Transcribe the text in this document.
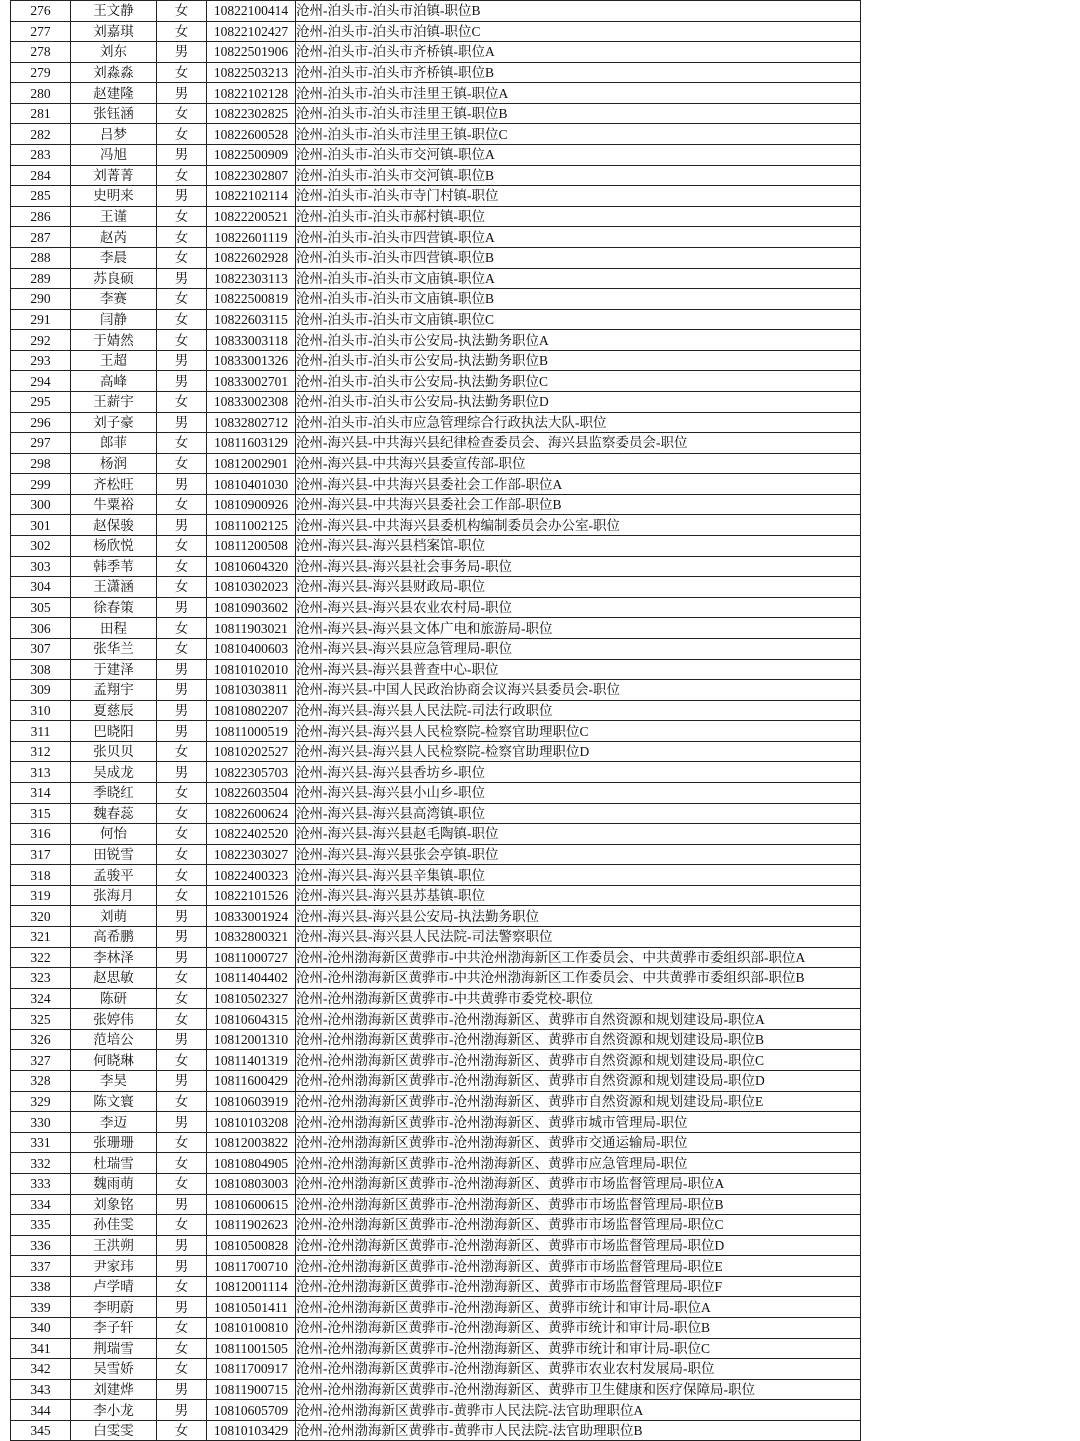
276	王文静	女	10822100414	沧州-泊头市-泊头市泊镇-职位B
277	刘嘉琪	女	10822102427	沧州-泊头市-泊头市泊镇-职位C
278	刘东	男	10822501906	沧州-泊头市-泊头市齐桥镇-职位A
279	刘淼淼	女	10822503213	沧州-泊头市-泊头市齐桥镇-职位B
280	赵建隆	男	10822102128	沧州-泊头市-泊头市洼里王镇-职位A
281	张钰涵	女	10822302825	沧州-泊头市-泊头市洼里王镇-职位B
282	吕梦	女	10822600528	沧州-泊头市-泊头市洼里王镇-职位C
283	冯旭	男	10822500909	沧州-泊头市-泊头市交河镇-职位A
284	刘菁菁	女	10822302807	沧州-泊头市-泊头市交河镇-职位B
285	史明来	男	10822102114	沧州-泊头市-泊头市寺门村镇-职位
286	王谨	女	10822200521	沧州-泊头市-泊头市郝村镇-职位
287	赵芮	女	10822601119	沧州-泊头市-泊头市四营镇-职位A
288	李晨	女	10822602928	沧州-泊头市-泊头市四营镇-职位B
289	苏良硕	男	10822303113	沧州-泊头市-泊头市文庙镇-职位A
290	李赛	女	10822500819	沧州-泊头市-泊头市文庙镇-职位B
291	闫静	女	10822603115	沧州-泊头市-泊头市文庙镇-职位C
292	于婧然	女	10833003118	沧州-泊头市-泊头市公安局-执法勤务职位A
293	王超	男	10833001326	沧州-泊头市-泊头市公安局-执法勤务职位B
294	高峰	男	10833002701	沧州-泊头市-泊头市公安局-执法勤务职位C
295	王薪宇	女	10833002308	沧州-泊头市-泊头市公安局-执法勤务职位D
296	刘子豪	男	10832802712	沧州-泊头市-泊头市应急管理综合行政执法大队-职位
297	郎菲	女	10811603129	沧州-海兴县-中共海兴县纪律检查委员会、海兴县监察委员会-职位
298	杨润	女	10812002901	沧州-海兴县-中共海兴县委宣传部-职位
299	齐松旺	男	10810401030	沧州-海兴县-中共海兴县委社会工作部-职位A
300	牛粟裕	女	10810900926	沧州-海兴县-中共海兴县委社会工作部-职位B
301	赵保骏	男	10811002125	沧州-海兴县-中共海兴县委机构编制委员会办公室-职位
302	杨欣悦	女	10811200508	沧州-海兴县-海兴县档案馆-职位
303	韩季苇	女	10810604320	沧州-海兴县-海兴县社会事务局-职位
304	王潇涵	女	10810302023	沧州-海兴县-海兴县财政局-职位
305	徐春策	男	10810903602	沧州-海兴县-海兴县农业农村局-职位
306	田程	女	10811903021	沧州-海兴县-海兴县文体广电和旅游局-职位
307	张华兰	女	10810400603	沧州-海兴县-海兴县应急管理局-职位
308	于建泽	男	10810102010	沧州-海兴县-海兴县普查中心-职位
309	孟翔宇	男	10810303811	沧州-海兴县-中国人民政治协商会议海兴县委员会-职位
310	夏慈辰	男	10810802207	沧州-海兴县-海兴县人民法院-司法行政职位
311	巴晓阳	男	10811000519	沧州-海兴县-海兴县人民检察院-检察官助理职位C
312	张贝贝	女	10810202527	沧州-海兴县-海兴县人民检察院-检察官助理职位D
313	吴成龙	男	10822305703	沧州-海兴县-海兴县香坊乡-职位
314	季晓红	女	10822603504	沧州-海兴县-海兴县小山乡-职位
315	魏春蕊	女	10822600624	沧州-海兴县-海兴县高湾镇-职位
316	何怡	女	10822402520	沧州-海兴县-海兴县赵毛陶镇-职位
317	田锐雪	女	10822303027	沧州-海兴县-海兴县张会亭镇-职位
318	孟骏平	女	10822400323	沧州-海兴县-海兴县辛集镇-职位
319	张海月	女	10822101526	沧州-海兴县-海兴县苏基镇-职位
320	刘萌	男	10833001924	沧州-海兴县-海兴县公安局-执法勤务职位
321	高希鹏	男	10832800321	沧州-海兴县-海兴县人民法院-司法警察职位
322	李林泽	男	10811000727	沧州-沧州渤海新区黄骅市-中共沧州渤海新区工作委员会、中共黄骅市委组织部-职位A
323	赵思敏	女	10811404402	沧州-沧州渤海新区黄骅市-中共沧州渤海新区工作委员会、中共黄骅市委组织部-职位B
324	陈研	女	10810502327	沧州-沧州渤海新区黄骅市-中共黄骅市委党校-职位
325	张婷伟	女	10810604315	沧州-沧州渤海新区黄骅市-沧州渤海新区、黄骅市自然资源和规划建设局-职位A
326	范培公	男	10812001310	沧州-沧州渤海新区黄骅市-沧州渤海新区、黄骅市自然资源和规划建设局-职位B
327	何晓琳	女	10811401319	沧州-沧州渤海新区黄骅市-沧州渤海新区、黄骅市自然资源和规划建设局-职位C
328	李昊	男	10811600429	沧州-沧州渤海新区黄骅市-沧州渤海新区、黄骅市自然资源和规划建设局-职位D
329	陈文寰	女	10810603919	沧州-沧州渤海新区黄骅市-沧州渤海新区、黄骅市自然资源和规划建设局-职位E
330	李迈	男	10810103208	沧州-沧州渤海新区黄骅市-沧州渤海新区、黄骅市城市管理局-职位
331	张珊珊	女	10812003822	沧州-沧州渤海新区黄骅市-沧州渤海新区、黄骅市交通运输局-职位
332	杜瑞雪	女	10810804905	沧州-沧州渤海新区黄骅市-沧州渤海新区、黄骅市应急管理局-职位
333	魏雨萌	女	10810803003	沧州-沧州渤海新区黄骅市-沧州渤海新区、黄骅市市场监督管理局-职位A
334	刘象铭	男	10810600615	沧州-沧州渤海新区黄骅市-沧州渤海新区、黄骅市市场监督管理局-职位B
335	孙佳雯	女	10811902623	沧州-沧州渤海新区黄骅市-沧州渤海新区、黄骅市市场监督管理局-职位C
336	王洪朔	男	10810500828	沧州-沧州渤海新区黄骅市-沧州渤海新区、黄骅市市场监督管理局-职位D
337	尹家玮	男	10811700710	沧州-沧州渤海新区黄骅市-沧州渤海新区、黄骅市市场监督管理局-职位E
338	卢学晴	女	10812001114	沧州-沧州渤海新区黄骅市-沧州渤海新区、黄骅市市场监督管理局-职位F
339	李明蔚	男	10810501411	沧州-沧州渤海新区黄骅市-沧州渤海新区、黄骅市统计和审计局-职位A
340	李子轩	女	10810100810	沧州-沧州渤海新区黄骅市-沧州渤海新区、黄骅市统计和审计局-职位B
341	荆瑞雪	女	10811001505	沧州-沧州渤海新区黄骅市-沧州渤海新区、黄骅市统计和审计局-职位C
342	吴雪娇	女	10811700917	沧州-沧州渤海新区黄骅市-沧州渤海新区、黄骅市农业农村发展局-职位
343	刘建烨	男	10811900715	沧州-沧州渤海新区黄骅市-沧州渤海新区、黄骅市卫生健康和医疗保障局-职位
344	李小龙	男	10810605709	沧州-沧州渤海新区黄骅市-黄骅市人民法院-法官助理职位A
345	白雯雯	女	10810103429	沧州-沧州渤海新区黄骅市-黄骅市人民法院-法官助理职位B
